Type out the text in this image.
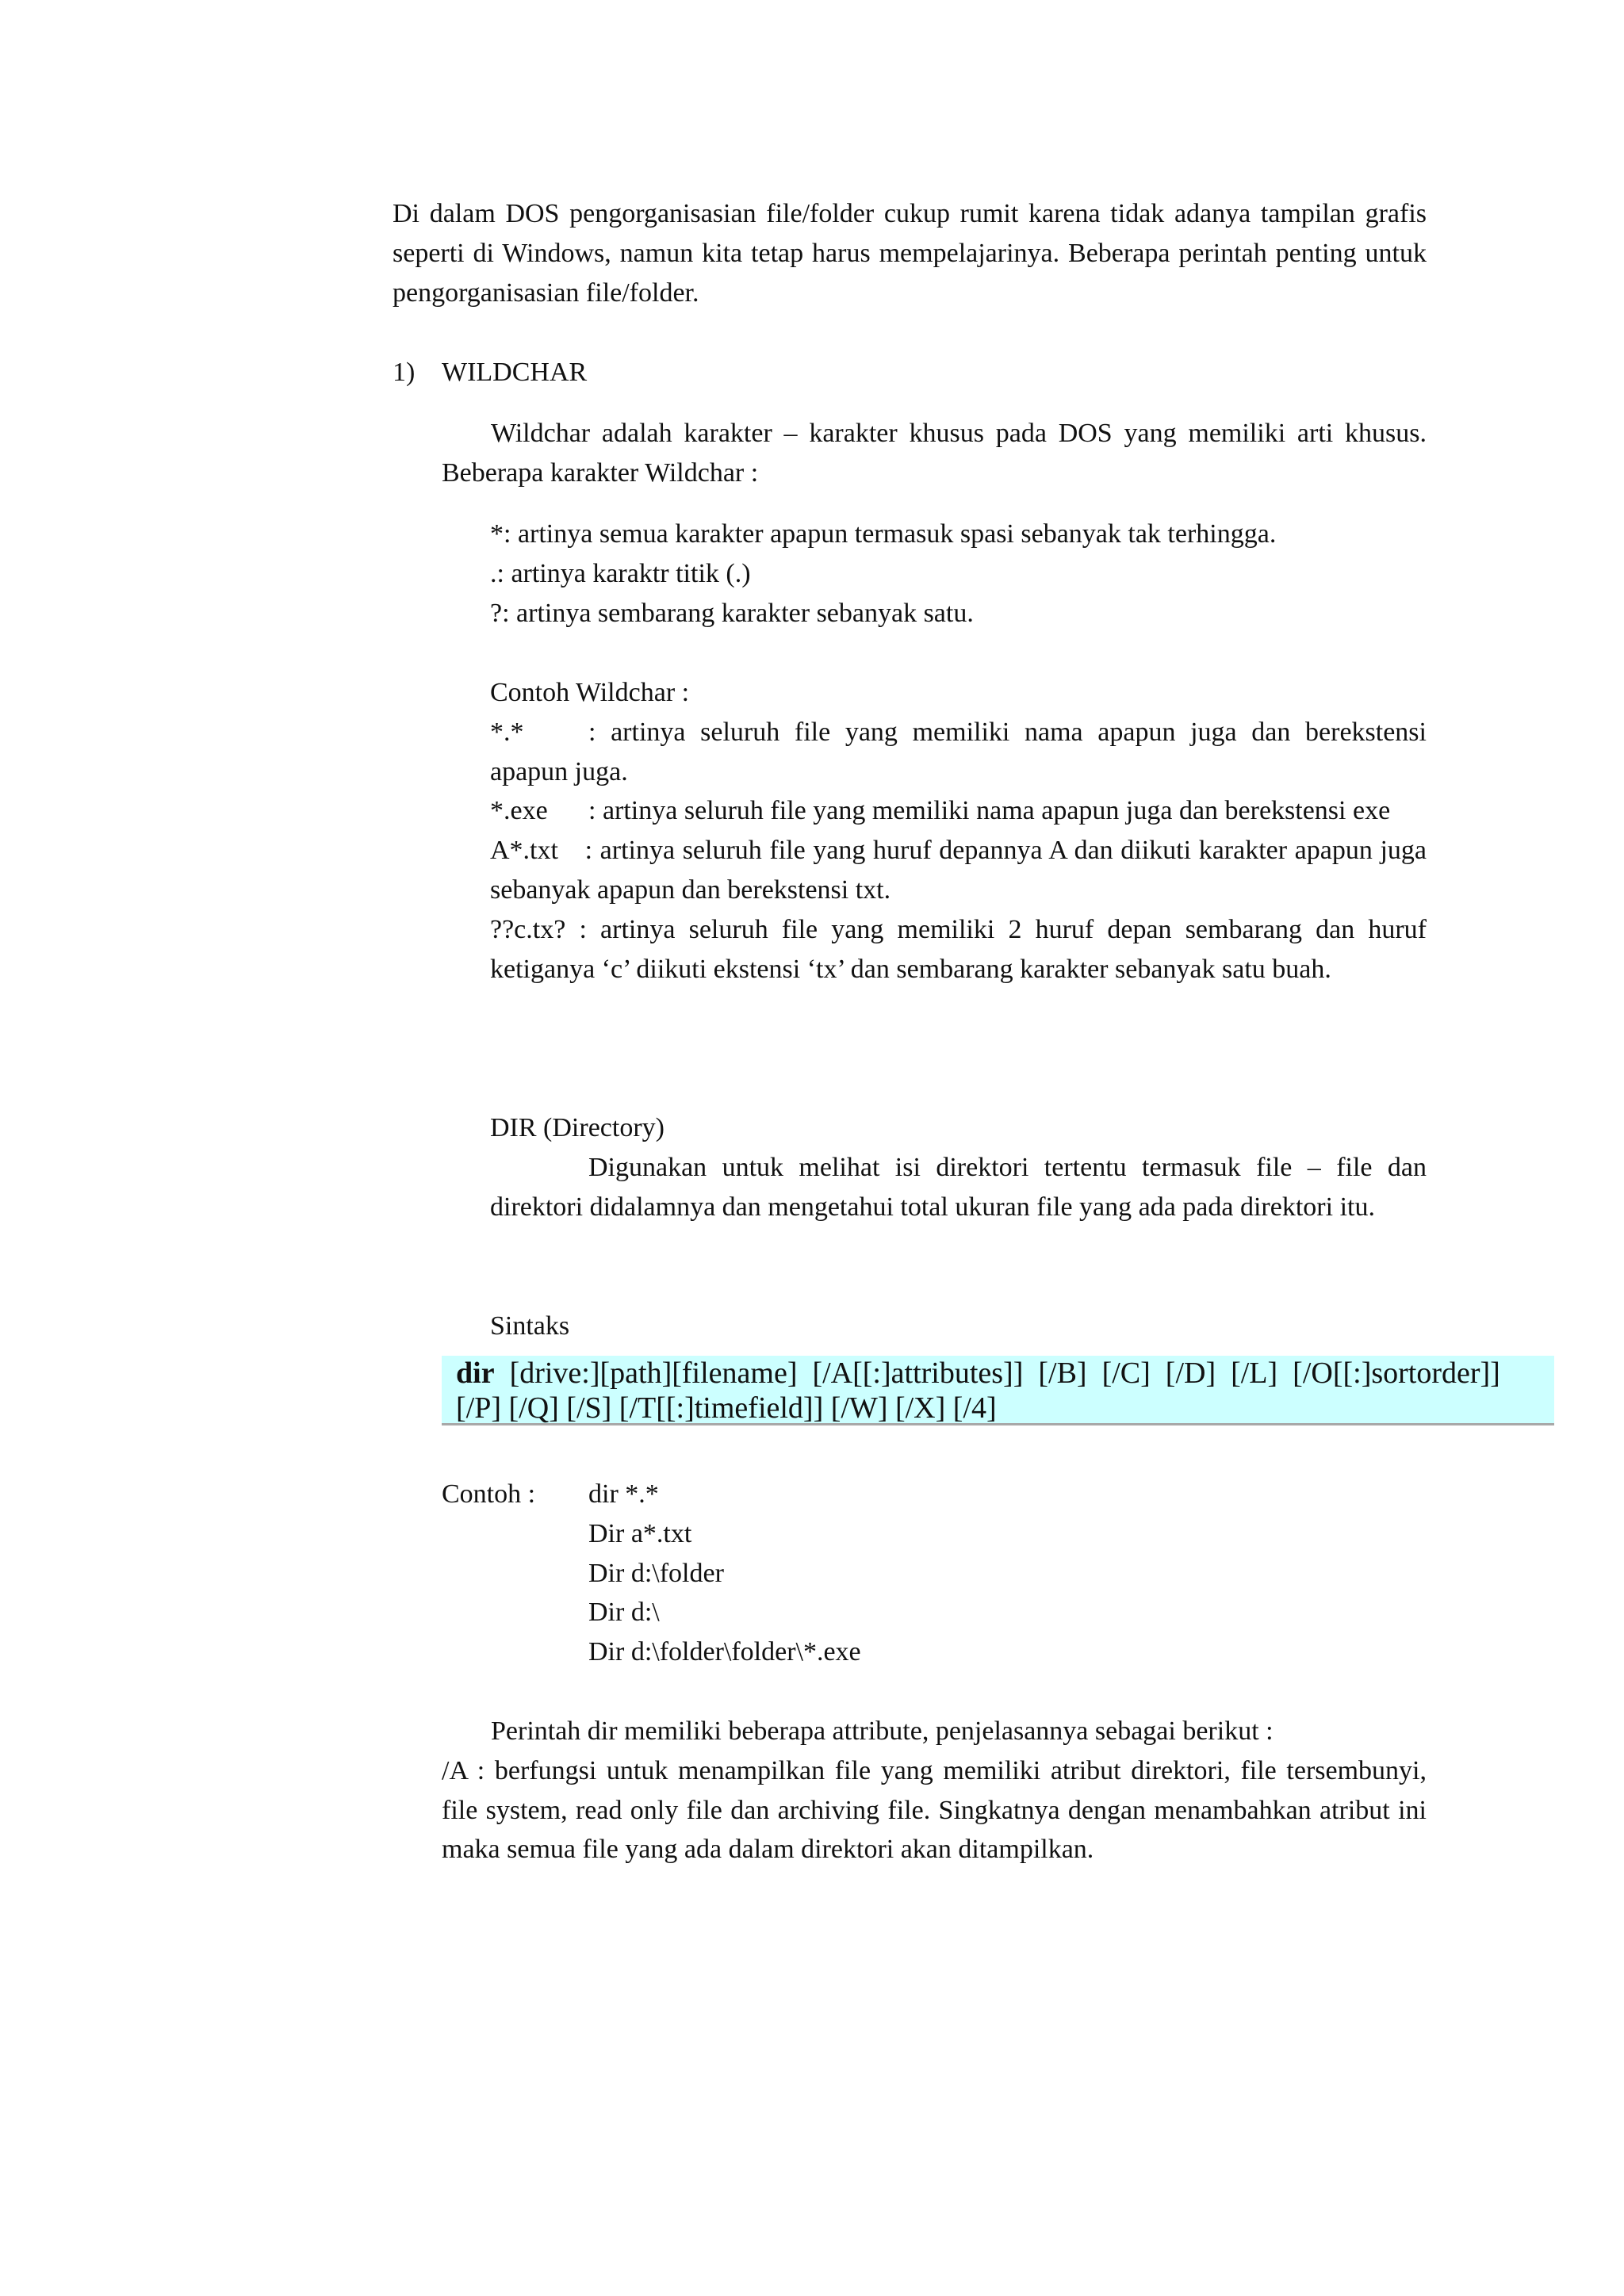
Di dalam DOS pengorganisasian file/folder cukup rumit karena tidak adanya tampilan grafis seperti di Windows, namun kita tetap harus mempelajarinya. Beberapa perintah penting untuk pengorganisasian file/folder.
1) WILDCHAR
Wildchar adalah karakter – karakter khusus pada DOS yang memiliki arti khusus. Beberapa karakter Wildchar :
*: artinya semua karakter apapun termasuk spasi sebanyak tak terhingga.
.: artinya karaktr titik (.)
?: artinya sembarang karakter sebanyak satu.
Contoh Wildchar :
*.* : artinya seluruh file yang memiliki nama apapun juga dan berekstensi apapun juga.
*.exe : artinya seluruh file yang memiliki nama apapun juga dan berekstensi exe
A*.txt : artinya seluruh file yang huruf depannya A dan diikuti karakter apapun juga sebanyak apapun dan berekstensi txt.
??c.tx? : artinya seluruh file yang memiliki 2 huruf depan sembarang dan huruf ketiganya ‘c’ diikuti ekstensi ‘tx’ dan sembarang karakter sebanyak satu buah.
DIR (Directory)
Digunakan untuk melihat isi direktori tertentu termasuk file – file dan direktori didalamnya dan mengetahui total ukuran file yang ada pada direktori itu.
Sintaks
dir [drive:][path][filename]  [/A[[:]attributes]]  [/B]  [/C]  [/D]  [/L]  [/O[[:]sortorder]]
[/P] [/Q] [/S] [/T[[:]timefield]] [/W] [/X] [/4]
Contoh :	dir *.*
Dir a*.txt
Dir d:\folder
Dir d:\
Dir d:\folder\folder\*.exe
Perintah dir memiliki beberapa attribute, penjelasannya sebagai berikut :
/A : berfungsi untuk menampilkan file yang memiliki atribut direktori, file tersembunyi, file system, read only file dan archiving file. Singkatnya dengan menambahkan atribut ini maka semua file yang ada dalam direktori akan ditampilkan.
